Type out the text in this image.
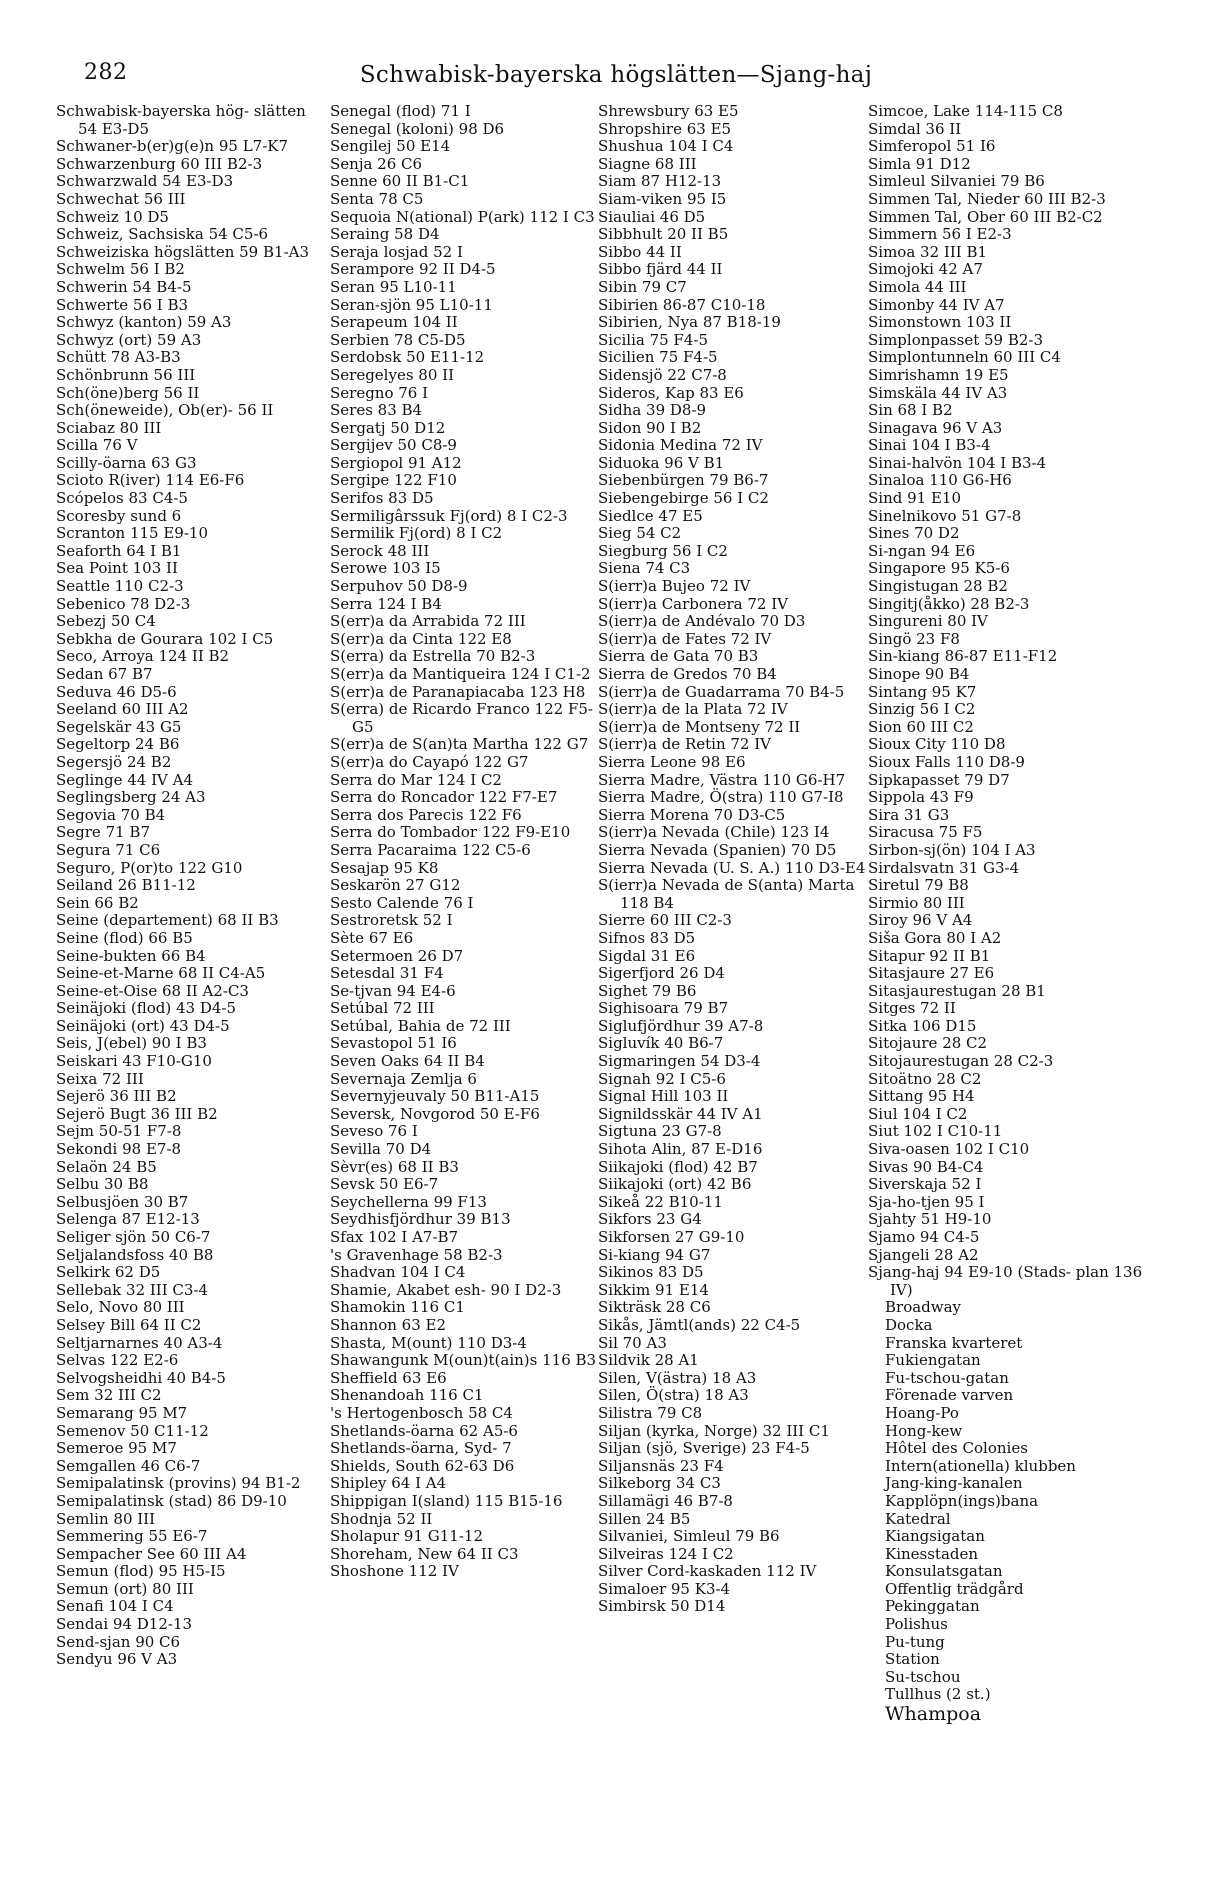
282	Schwabisk-bayerska högslätten—Sjang-haj
Schwabisk-bayerska hög- slätten 54 E3-D5
Schwaner-b(er)g(e)n 95 L7-K7
Schwarzenburg 60 III B2-3
Schwarzwald 54 E3-D3
Schwechat 56 III
Schweiz 10 D5
Schweiz, Sachsiska 54 C5-6
Schweiziska högslätten 59 B1-A3
Schwelm 56 I B2
Schwerin 54 B4-5
Schwerte 56 I B3
Schwyz (kanton) 59 A3
Schwyz (ort) 59 A3
Schütt 78 A3-B3
Schönbrunn 56 III
Sch(öne)berg 56 II
Sch(öneweide), Ob(er)- 56 II
Sciabaz 80 III
Scilla 76 V
Scilly-öarna 63 G3
Scioto R(iver) 114 E6-F6
Scópelos 83 C4-5
Scoresby sund 6
Scranton 115 E9-10
Seaforth 64 I B1
Sea Point 103 II
Seattle 110 C2-3
Sebenico 78 D2-3
Sebezj 50 C4
Sebkha de Gourara 102 I C5
Seco, Arroya 124 II B2
Sedan 67 B7
Seduva 46 D5-6
Seeland 60 III A2
Segelskär 43 G5
Segeltorp 24 B6
Segersjö 24 B2
Seglinge 44 IV A4
Seglingsberg 24 A3
Segovia 70 B4
Segre 71 B7
Segura 71 C6
Seguro, P(or)to 122 G10
Seiland 26 B11-12
Sein 66 B2
Seine (departement) 68 II B3
Seine (flod) 66 B5
Seine-bukten 66 B4
Seine-et-Marne 68 II C4-A5
Seine-et-Oise 68 II A2-C3
Seinäjoki (flod) 43 D4-5
Seinäjoki (ort) 43 D4-5
Seis, J(ebel) 90 I B3
Seiskari 43 F10-G10
Seixa 72 III
Sejerö 36 III B2
Sejerö Bugt 36 III B2
Sejm 50-51 F7-8
Sekondi 98 E7-8
Selaön 24 B5
Selbu 30 B8
Selbusjöen 30 B7
Selenga 87 E12-13
Seliger sjön 50 C6-7
Seljalandsfoss 40 B8
Selkirk 62 D5
Sellebak 32 III C3-4
Selo, Novo 80 III
Selsey Bill 64 II C2
Seltjarnarnes 40 A3-4
Selvas 122 E2-6
Selvogsheidhi 40 B4-5
Sem 32 III C2
Semarang 95 M7
Semenov 50 C11-12
Semeroe 95 M7
Semgallen 46 C6-7
Semipalatinsk (provins) 94 B1-2
Semipalatinsk (stad) 86 D9-10
Semlin 80 III
Semmering 55 E6-7
Sempacher See 60 III A4
Semun (flod) 95 H5-I5
Semun (ort) 80 III
Senafi 104 I C4
Sendai 94 D12-13
Send-sjan 90 C6
Sendyu 96 V A3
Senegal (flod) 71 I
Senegal (koloni) 98 D6
Sengilej 50 E14
Senja 26 C6
Senne 60 II B1-C1
Senta 78 C5
Sequoia N(ational) P(ark) 112 I C3
Seraing 58 D4
Seraja losjad 52 I
Serampore 92 II D4-5
Seran 95 L10-11
Seran-sjön 95 L10-11
Serapeum 104 II
Serbien 78 C5-D5
Serdobsk 50 E11-12
Seregelyes 80 II
Seregno 76 I
Seres 83 B4
Sergatj 50 D12
Sergijev 50 C8-9
Sergiopol 91 A12
Sergipe 122 F10
Serifos 83 D5
Sermiligârssuk Fj(ord) 8 I C2-3
Sermilik Fj(ord) 8 I C2
Serock 48 III
Serowe 103 I5
Serpuhov 50 D8-9
Serra 124 I B4
S(err)a da Arrabida 72 III
S(err)a da Cinta 122 E8
S(erra) da Estrella 70 B2-3
S(err)a da Mantiqueira 124 I C1-2
S(err)a de Paranapiacaba 123 H8
S(erra) de Ricardo Franco 122 F5-G5
S(err)a de S(an)ta Martha 122 G7
S(err)a do Cayapó 122 G7
Serra do Mar 124 I C2
Serra do Roncador 122 F7-E7
Serra dos Parecis 122 F6
Serra do Tombador 122 F9-E10
Serra Pacaraima 122 C5-6
Sesajap 95 K8
Seskarön 27 G12
Sesto Calende 76 I
Sestroretsk 52 I
Sète 67 E6
Setermoen 26 D7
Setesdal 31 F4
Se-tjvan 94 E4-6
Setúbal 72 III
Setúbal, Bahia de 72 III
Sevastopol 51 I6
Seven Oaks 64 II B4
Severnaja Zemlja 6
Severnyjeuvaly 50 B11-A15
Seversk, Novgorod 50 E-F6
Seveso 76 I
Sevilla 70 D4
Sèvr(es) 68 II B3
Sevsk 50 E6-7
Seychellerna 99 F13
Seydhisfjördhur 39 B13
Sfax 102 I A7-B7
's Gravenhage 58 B2-3
Shadvan 104 I C4
Shamie, Akabet esh- 90 I D2-3
Shamokin 116 C1
Shannon 63 E2
Shasta, M(ount) 110 D3-4
Shawangunk M(oun)t(ain)s 116 B3
Sheffield 63 E6
Shenandoah 116 C1
's Hertogenbosch 58 C4
Shetlands-öarna 62 A5-6
Shetlands-öarna, Syd- 7
Shields, South 62-63 D6
Shipley 64 I A4
Shippigan I(sland) 115 B15-16
Shodnja 52 II
Sholapur 91 G11-12
Shoreham, New 64 II C3
Shoshone 112 IV
Shrewsbury 63 E5
Shropshire 63 E5
Shushua 104 I C4
Siagne 68 III
Siam 87 H12-13
Siam-viken 95 I5
Siauliai 46 D5
Sibbhult 20 II B5
Sibbo 44 II
Sibbo fjärd 44 II
Sibin 79 C7
Sibirien 86-87 C10-18
Sibirien, Nya 87 B18-19
Sicilia 75 F4-5
Sicilien 75 F4-5
Sidensjö 22 C7-8
Sideros, Kap 83 E6
Sidha 39 D8-9
Sidon 90 I B2
Sidonia Medina 72 IV
Siduoka 96 V B1
Siebenbürgen 79 B6-7
Siebengebirge 56 I C2
Siedlce 47 E5
Sieg 54 C2
Siegburg 56 I C2
Siena 74 C3
S(ierr)a Bujeo 72 IV
S(ierr)a Carbonera 72 IV
S(ierr)a de Andévalo 70 D3
S(ierr)a de Fates 72 IV
Sierra de Gata 70 B3
Sierra de Gredos 70 B4
S(ierr)a de Guadarrama 70 B4-5
S(ierr)a de la Plata 72 IV
S(ierr)a de Montseny 72 II
S(ierr)a de Retin 72 IV
Sierra Leone 98 E6
Sierra Madre, Västra 110 G6-H7
Sierra Madre, Ö(stra) 110 G7-I8
Sierra Morena 70 D3-C5
S(ierr)a Nevada (Chile) 123 I4
Sierra Nevada (Spanien) 70 D5
Sierra Nevada (U. S. A.) 110 D3-E4
S(ierr)a Nevada de S(anta) Marta 118 B4
Sierre 60 III C2-3
Sifnos 83 D5
Sigdal 31 E6
Sigerfjord 26 D4
Sighet 79 B6
Sighisoara 79 B7
Siglufjördhur 39 A7-8
Sigluvík 40 B6-7
Sigmaringen 54 D3-4
Signah 92 I C5-6
Signal Hill 103 II
Signildsskär 44 IV A1
Sigtuna 23 G7-8
Sihota Alin, 87 E-D16
Siikajoki (flod) 42 B7
Siikajoki (ort) 42 B6
Sikeå 22 B10-11
Sikfors 23 G4
Sikforsen 27 G9-10
Si-kiang 94 G7
Sikinos 83 D5
Sikkim 91 E14
Sikträsk 28 C6
Sikås, Jämtl(ands) 22 C4-5
Sil 70 A3
Sildvik 28 A1
Silen, V(ästra) 18 A3
Silen, Ö(stra) 18 A3
Silistra 79 C8
Siljan (kyrka, Norge) 32 III C1
Siljan (sjö, Sverige) 23 F4-5
Siljansnäs 23 F4
Silkeborg 34 C3
Sillamägi 46 B7-8
Sillen 24 B5
Silvaniei, Simleul 79 B6
Silveiras 124 I C2
Silver Cord-kaskaden 112 IV
Simaloer 95 K3-4
Simbirsk 50 D14
Simcoe, Lake 114-115 C8
Simdal 36 II
Simferopol 51 I6
Simla 91 D12
Simleul Silvaniei 79 B6
Simmen Tal, Nieder 60 III B2-3
Simmen Tal, Ober 60 III B2-C2
Simmern 56 I E2-3
Simoa 32 III B1
Simojoki 42 A7
Simola 44 III
Simonby 44 IV A7
Simonstown 103 II
Simplonpasset 59 B2-3
Simplontunneln 60 III C4
Simrishamn 19 E5
Simskäla 44 IV A3
Sin 68 I B2
Sinagava 96 V A3
Sinai 104 I B3-4
Sinai-halvön 104 I B3-4
Sinaloa 110 G6-H6
Sind 91 E10
Sinelnikovo 51 G7-8
Sines 70 D2
Si-ngan 94 E6
Singapore 95 K5-6
Singistugan 28 B2
Singitj(åkko) 28 B2-3
Singureni 80 IV
Singö 23 F8
Sin-kiang 86-87 E11-F12
Sinope 90 B4
Sintang 95 K7
Sinzig 56 I C2
Sion 60 III C2
Sioux City 110 D8
Sioux Falls 110 D8-9
Sipkapasset 79 D7
Sippola 43 F9
Sira 31 G3
Siracusa 75 F5
Sirbon-sj(ön) 104 I A3
Sirdalsvatn 31 G3-4
Siretul 79 B8
Sirmio 80 III
Siroy 96 V A4
Siša Gora 80 I A2
Sitapur 92 II B1
Sitasjaure 27 E6
Sitasjaurestugan 28 B1
Sitges 72 II
Sitka 106 D15
Sitojaure 28 C2
Sitojaurestugan 28 C2-3
Sitoätno 28 C2
Sittang 95 H4
Siul 104 I C2
Siut 102 I C10-11
Siva-oasen 102 I C10
Sivas 90 B4-C4
Siverskaja 52 I
Sja-ho-tjen 95 I
Sjahty 51 H9-10
Sjamo 94 C4-5
Sjangeli 28 A2
Sjang-haj 94 E9-10 (Stads- plan 136 IV)
Broadway
Docka
Franska kvarteret
Fukiengatan
Fu-tschou-gatan
Förenade varven
Hoang-Po
Hong-kew
Hôtel des Colonies
Intern(ationella) klubben
Jang-king-kanalen
Kapplöpn(ings)bana
Katedral
Kiangsigatan
Kinesstaden
Konsulatsgatan
Offentlig trädgård
Pekinggatan
Polishus
Pu-tung
Station
Su-tschou
Tullhus (2 st.)
Whampoa
